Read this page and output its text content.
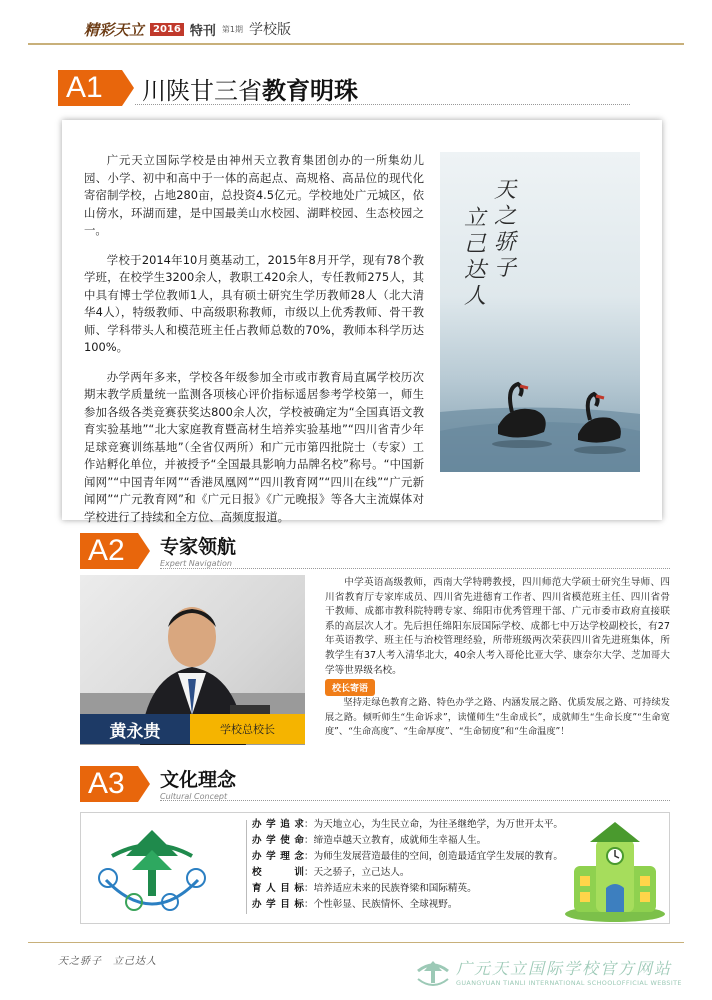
精彩天立 2016 特刊 第1期 学校版
A1	川陕甘三省教育明珠

广元天立国际学校是由神州天立教育集团创办的一所集幼儿园、小学、初中和高中于一体的高起点、高规格、高品位的现代化寄宿制学校，占地280亩，总投资4.5亿元。学校地处广元城区，依山傍水，环湖而建，是中国最美山水校园、湖畔校园、生态校园之一。

学校于2014年10月奠基动工，2015年8月开学，现有78个教学班，在校学生3200余人，教职工420余人，专任教师275人，其中具有博士学位教师1人，具有硕士研究生学历教师28人（北大清华4人），特级教师、中高级职称教师，市级以上优秀教师、骨干教师、学科带头人和模范班主任占教师总数的70%，教师本科学历达100%。

办学两年多来，学校各年级参加全市或市教育局直属学校历次期末教学质量统一监测各项核心评价指标遥居参考学校第一，师生参加各级各类竞赛获奖达800余人次，学校被确定为“全国真语文教育实验基地”“北大家庭教育暨高材生培养实验基地”“四川省青少年足球竞赛训练基地”（全省仅两所）和广元市第四批院士（专家）工作站孵化单位，并被授予“全国最具影响力品牌名校”称号。“中国新闻网”“中国青年网”“香港凤凰网”“四川教育网”“四川在线”“广元新闻网”“广元教育网”和《广元日报》《广元晚报》等各大主流媒体对学校进行了持续和全方位、高频度报道。

天之骄子
立己达人
A2	专家领航
Expert Navigation
黄永贵	学校总校长
中学英语高级教师，西南大学特聘教授，四川师范大学硕士研究生导师、四川省教育厅专家库成员、四川省先进德育工作者、四川省模范班主任、四川省骨干教师、成都市教科院特聘专家、绵阳市优秀管理干部、广元市委市政府直接联系的高层次人才。先后担任绵阳东辰国际学校、成都七中万达学校副校长，有27年英语教学、班主任与治校管理经验，所带班级两次荣获四川省先进班集体，所教学生有37人考入清华北大，40余人考入哥伦比亚大学、康奈尔大学、芝加哥大学等世界级名校。
校长寄语
坚持走绿色教育之路、特色办学之路、内涵发展之路、优质发展之路、可持续发展之路。倾听师生“生命诉求”，读懂师生“生命成长”，成就师生“生命长度”“生命宽度”、“生命高度”、“生命厚度”、“生命韧度”和“生命温度”！
A3	文化理念
Cultural Concept
办学追求：为天地立心，为生民立命，为往圣继绝学，为万世开太平。
办学使命：缔造卓越天立教育，成就师生幸福人生。
办学理念：为师生发展营造最佳的空间，创造最适宜学生发展的教育。
校训：天之骄子，立己达人。
育人目标：培养适应未来的民族脊梁和国际精英。
办学目标：个性彰显、民族情怀、全球视野。
天之骄子　立己达人	广元天立国际学校官方网站
GUANGYUAN TIANLI INTERNATIONAL SCHOOLOFFICIAL WEBSITE
